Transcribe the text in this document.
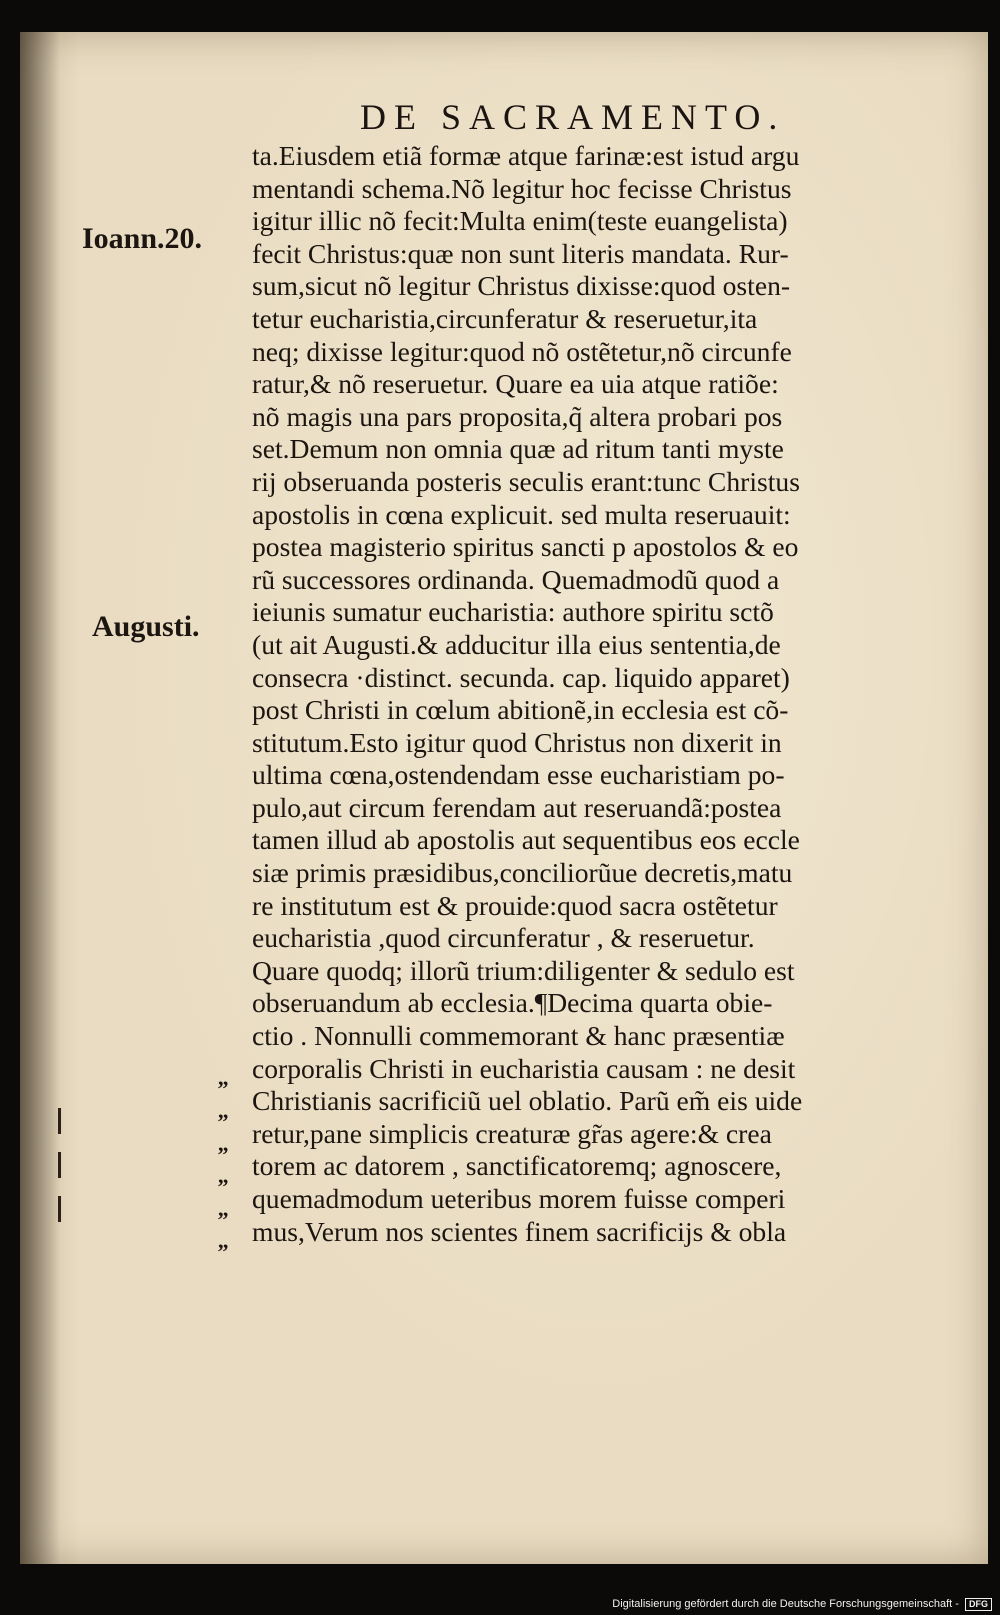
DE SACRAMENTO.
Ioann.20.
Augusti.
”
”
”
”
”
”
ta.Eiusdem etiã formæ atque farinæ:est istud argu
mentandi schema.Nõ legitur hoc fecisse Christus
igitur illic nõ fecit:Multa enim(teste euangelista)
fecit Christus:quæ non sunt literis mandata. Rur-
sum,sicut nõ legitur Christus dixisse:quod osten-
tetur eucharistia,circunferatur & reseruetur,ita
neq; dixisse legitur:quod nõ ostẽtetur,nõ circunfe
ratur,& nõ reseruetur. Quare ea uia atque ratiõe:
nõ magis una pars proposita,q̃ altera probari pos
set.Demum non omnia quæ ad ritum tanti myste
rij obseruanda posteris seculis erant:tunc Christus
apostolis in cœna explicuit. sed multa reseruauit:
postea magisterio spiritus sancti p apostolos & eo
rũ successores ordinanda. Quemadmodũ quod a
ieiunis sumatur eucharistia: authore spiritu sctõ
(ut ait Augusti.& adducitur illa eius sententia,de
consecra ·distinct. secunda. cap. liquido apparet)
post Christi in cœlum abitionẽ,in ecclesia est cõ-
stitutum.Esto igitur quod Christus non dixerit in
ultima cœna,ostendendam esse eucharistiam po-
pulo,aut circum ferendam aut reseruandã:postea
tamen illud ab apostolis aut sequentibus eos eccle
siæ primis præsidibus,conciliorũue decretis,matu
re institutum est & prouide:quod sacra ostẽtetur
eucharistia ,quod circunferatur , & reseruetur.
Quare quodq; illorũ trium:diligenter & sedulo est
obseruandum ab ecclesia.¶Decima quarta obie-
ctio . Nonnulli commemorant & hanc præsentiæ
corporalis Christi in eucharistia causam : ne desit
Christianis sacrificiũ uel oblatio. Parũ em̃ eis uide
retur,pane simplicis creaturæ gr̃as agere:& crea
torem ac datorem , sanctificatoremq; agnoscere,
quemadmodum ueteribus morem fuisse comperi
mus,Verum nos scientes finem sacrificijs & obla
Digitalisierung gefördert durch die Deutsche Forschungsgemeinschaft - DFG
